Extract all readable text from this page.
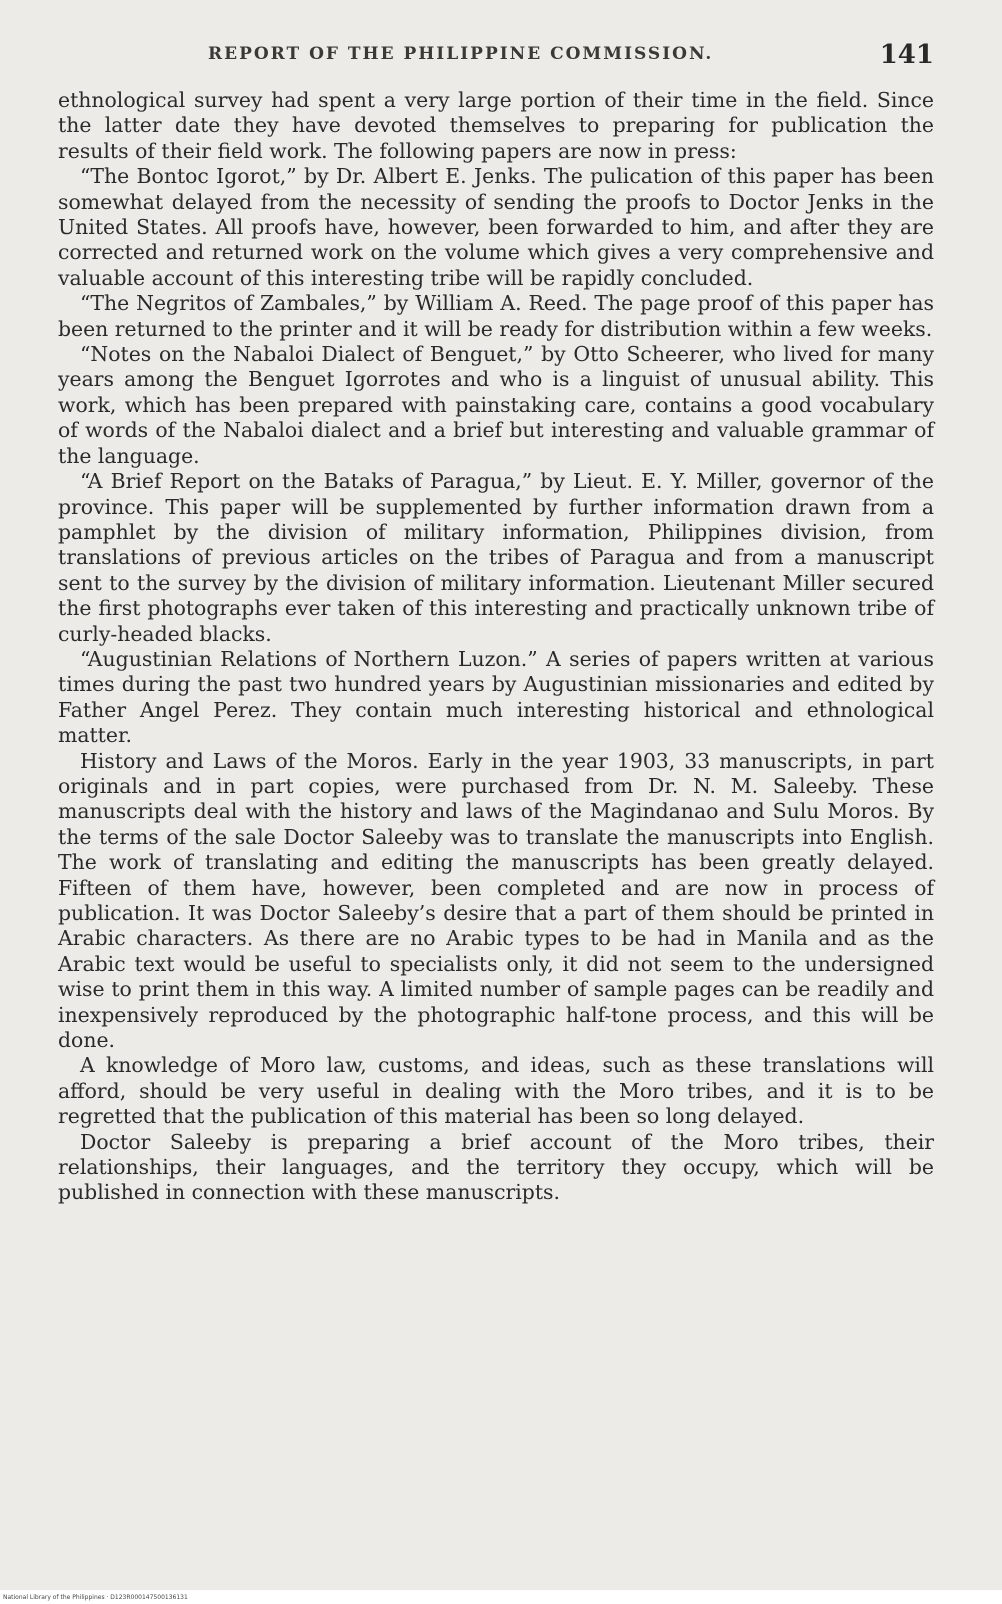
REPORT OF THE PHILIPPINE COMMISSION.	141

ethnological survey had spent a very large portion of their time in the field. Since the latter date they have devoted themselves to preparing for publication the results of their field work. The following papers are now in press:

“The Bontoc Igorot,” by Dr. Albert E. Jenks. The pulication of this paper has been somewhat delayed from the necessity of sending the proofs to Doctor Jenks in the United States. All proofs have, however, been forwarded to him, and after they are corrected and returned work on the volume which gives a very comprehensive and valuable account of this interesting tribe will be rapidly concluded.

“The Negritos of Zambales,” by William A. Reed. The page proof of this paper has been returned to the printer and it will be ready for distribution within a few weeks.

“Notes on the Nabaloi Dialect of Benguet,” by Otto Scheerer, who lived for many years among the Benguet Igorrotes and who is a linguist of unusual ability. This work, which has been prepared with painstaking care, contains a good vocabulary of words of the Nabaloi dialect and a brief but interesting and valuable grammar of the language.

“A Brief Report on the Bataks of Paragua,” by Lieut. E. Y. Miller, governor of the province. This paper will be supplemented by further information drawn from a pamphlet by the division of military information, Philippines division, from translations of previous articles on the tribes of Paragua and from a manuscript sent to the survey by the division of military information. Lieutenant Miller secured the first photographs ever taken of this interesting and practically unknown tribe of curly-headed blacks.

“Augustinian Relations of Northern Luzon.” A series of papers written at various times during the past two hundred years by Augustinian missionaries and edited by Father Angel Perez. They contain much interesting historical and ethnological matter.

History and Laws of the Moros. Early in the year 1903, 33 manuscripts, in part originals and in part copies, were purchased from Dr. N. M. Saleeby. These manuscripts deal with the history and laws of the Magindanao and Sulu Moros. By the terms of the sale Doctor Saleeby was to translate the manuscripts into English. The work of translating and editing the manuscripts has been greatly delayed. Fifteen of them have, however, been completed and are now in process of publication. It was Doctor Saleeby’s desire that a part of them should be printed in Arabic characters. As there are no Arabic types to be had in Manila and as the Arabic text would be useful to specialists only, it did not seem to the undersigned wise to print them in this way. A limited number of sample pages can be readily and inexpensively reproduced by the photographic half-tone process, and this will be done.

A knowledge of Moro law, customs, and ideas, such as these translations will afford, should be very useful in dealing with the Moro tribes, and it is to be regretted that the publication of this material has been so long delayed.

Doctor Saleeby is preparing a brief account of the Moro tribes, their relationships, their languages, and the territory they occupy, which will be published in connection with these manuscripts.

National Library of the Philippines · D123R000147500136131
